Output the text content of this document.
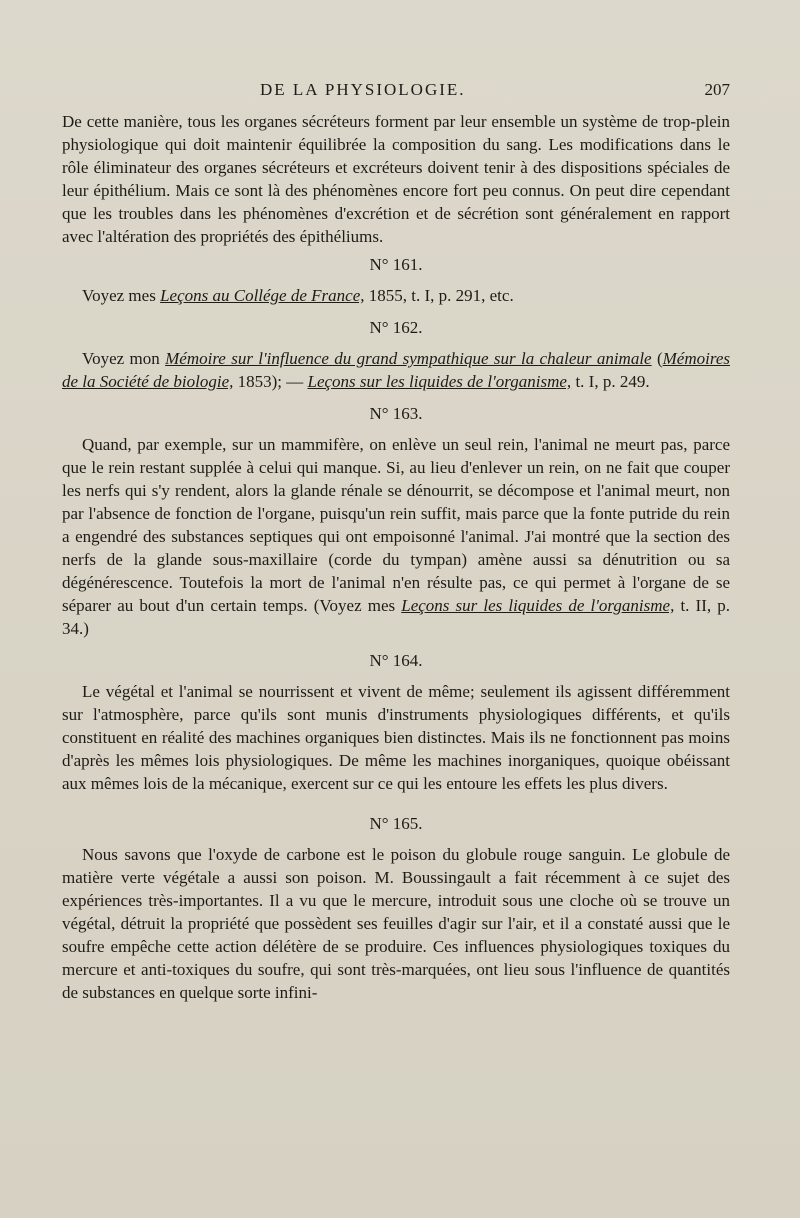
DE LA PHYSIOLOGIE.	207

De cette manière, tous les organes sécréteurs forment par leur ensemble un système de trop-plein physiologique qui doit maintenir équilibrée la composition du sang. Les modifications dans le rôle éliminateur des organes sécréteurs et excréteurs doivent tenir à des dispositions spéciales de leur épithélium. Mais ce sont là des phénomènes encore fort peu connus. On peut dire cependant que les troubles dans les phénomènes d'excrétion et de sécrétion sont généralement en rapport avec l'altération des propriétés des épithéliums.

N° 161.

Voyez mes Leçons au Collége de France, 1855, t. I, p. 291, etc.

N° 162.

Voyez mon Mémoire sur l'influence du grand sympathique sur la chaleur animale (Mémoires de la Société de biologie, 1853); — Leçons sur les liquides de l'organisme, t. I, p. 249.

N° 163.

Quand, par exemple, sur un mammifère, on enlève un seul rein, l'animal ne meurt pas, parce que le rein restant supplée à celui qui manque. Si, au lieu d'enlever un rein, on ne fait que couper les nerfs qui s'y rendent, alors la glande rénale se dénourrit, se décompose et l'animal meurt, non par l'absence de fonction de l'organe, puisqu'un rein suffit, mais parce que la fonte putride du rein a engendré des substances septiques qui ont empoisonné l'animal. J'ai montré que la section des nerfs de la glande sous-maxillaire (corde du tympan) amène aussi sa dénutrition ou sa dégénérescence. Toutefois la mort de l'animal n'en résulte pas, ce qui permet à l'organe de se séparer au bout d'un certain temps. (Voyez mes Leçons sur les liquides de l'organisme, t. II, p. 34.)

N° 164.

Le végétal et l'animal se nourrissent et vivent de même; seulement ils agissent différemment sur l'atmosphère, parce qu'ils sont munis d'instruments physiologiques différents, et qu'ils constituent en réalité des machines organiques bien distinctes. Mais ils ne fonctionnent pas moins d'après les mêmes lois physiologiques. De même les machines inorganiques, quoique obéissant aux mêmes lois de la mécanique, exercent sur ce qui les entoure les effets les plus divers.

N° 165.

Nous savons que l'oxyde de carbone est le poison du globule rouge sanguin. Le globule de matière verte végétale a aussi son poison. M. Boussingault a fait récemment à ce sujet des expériences très-importantes. Il a vu que le mercure, introduit sous une cloche où se trouve un végétal, détruit la propriété que possèdent ses feuilles d'agir sur l'air, et il a constaté aussi que le soufre empêche cette action délétère de se produire. Ces influences physiologiques toxiques du mercure et anti-toxiques du soufre, qui sont très-marquées, ont lieu sous l'influence de quantités de substances en quelque sorte infini-
